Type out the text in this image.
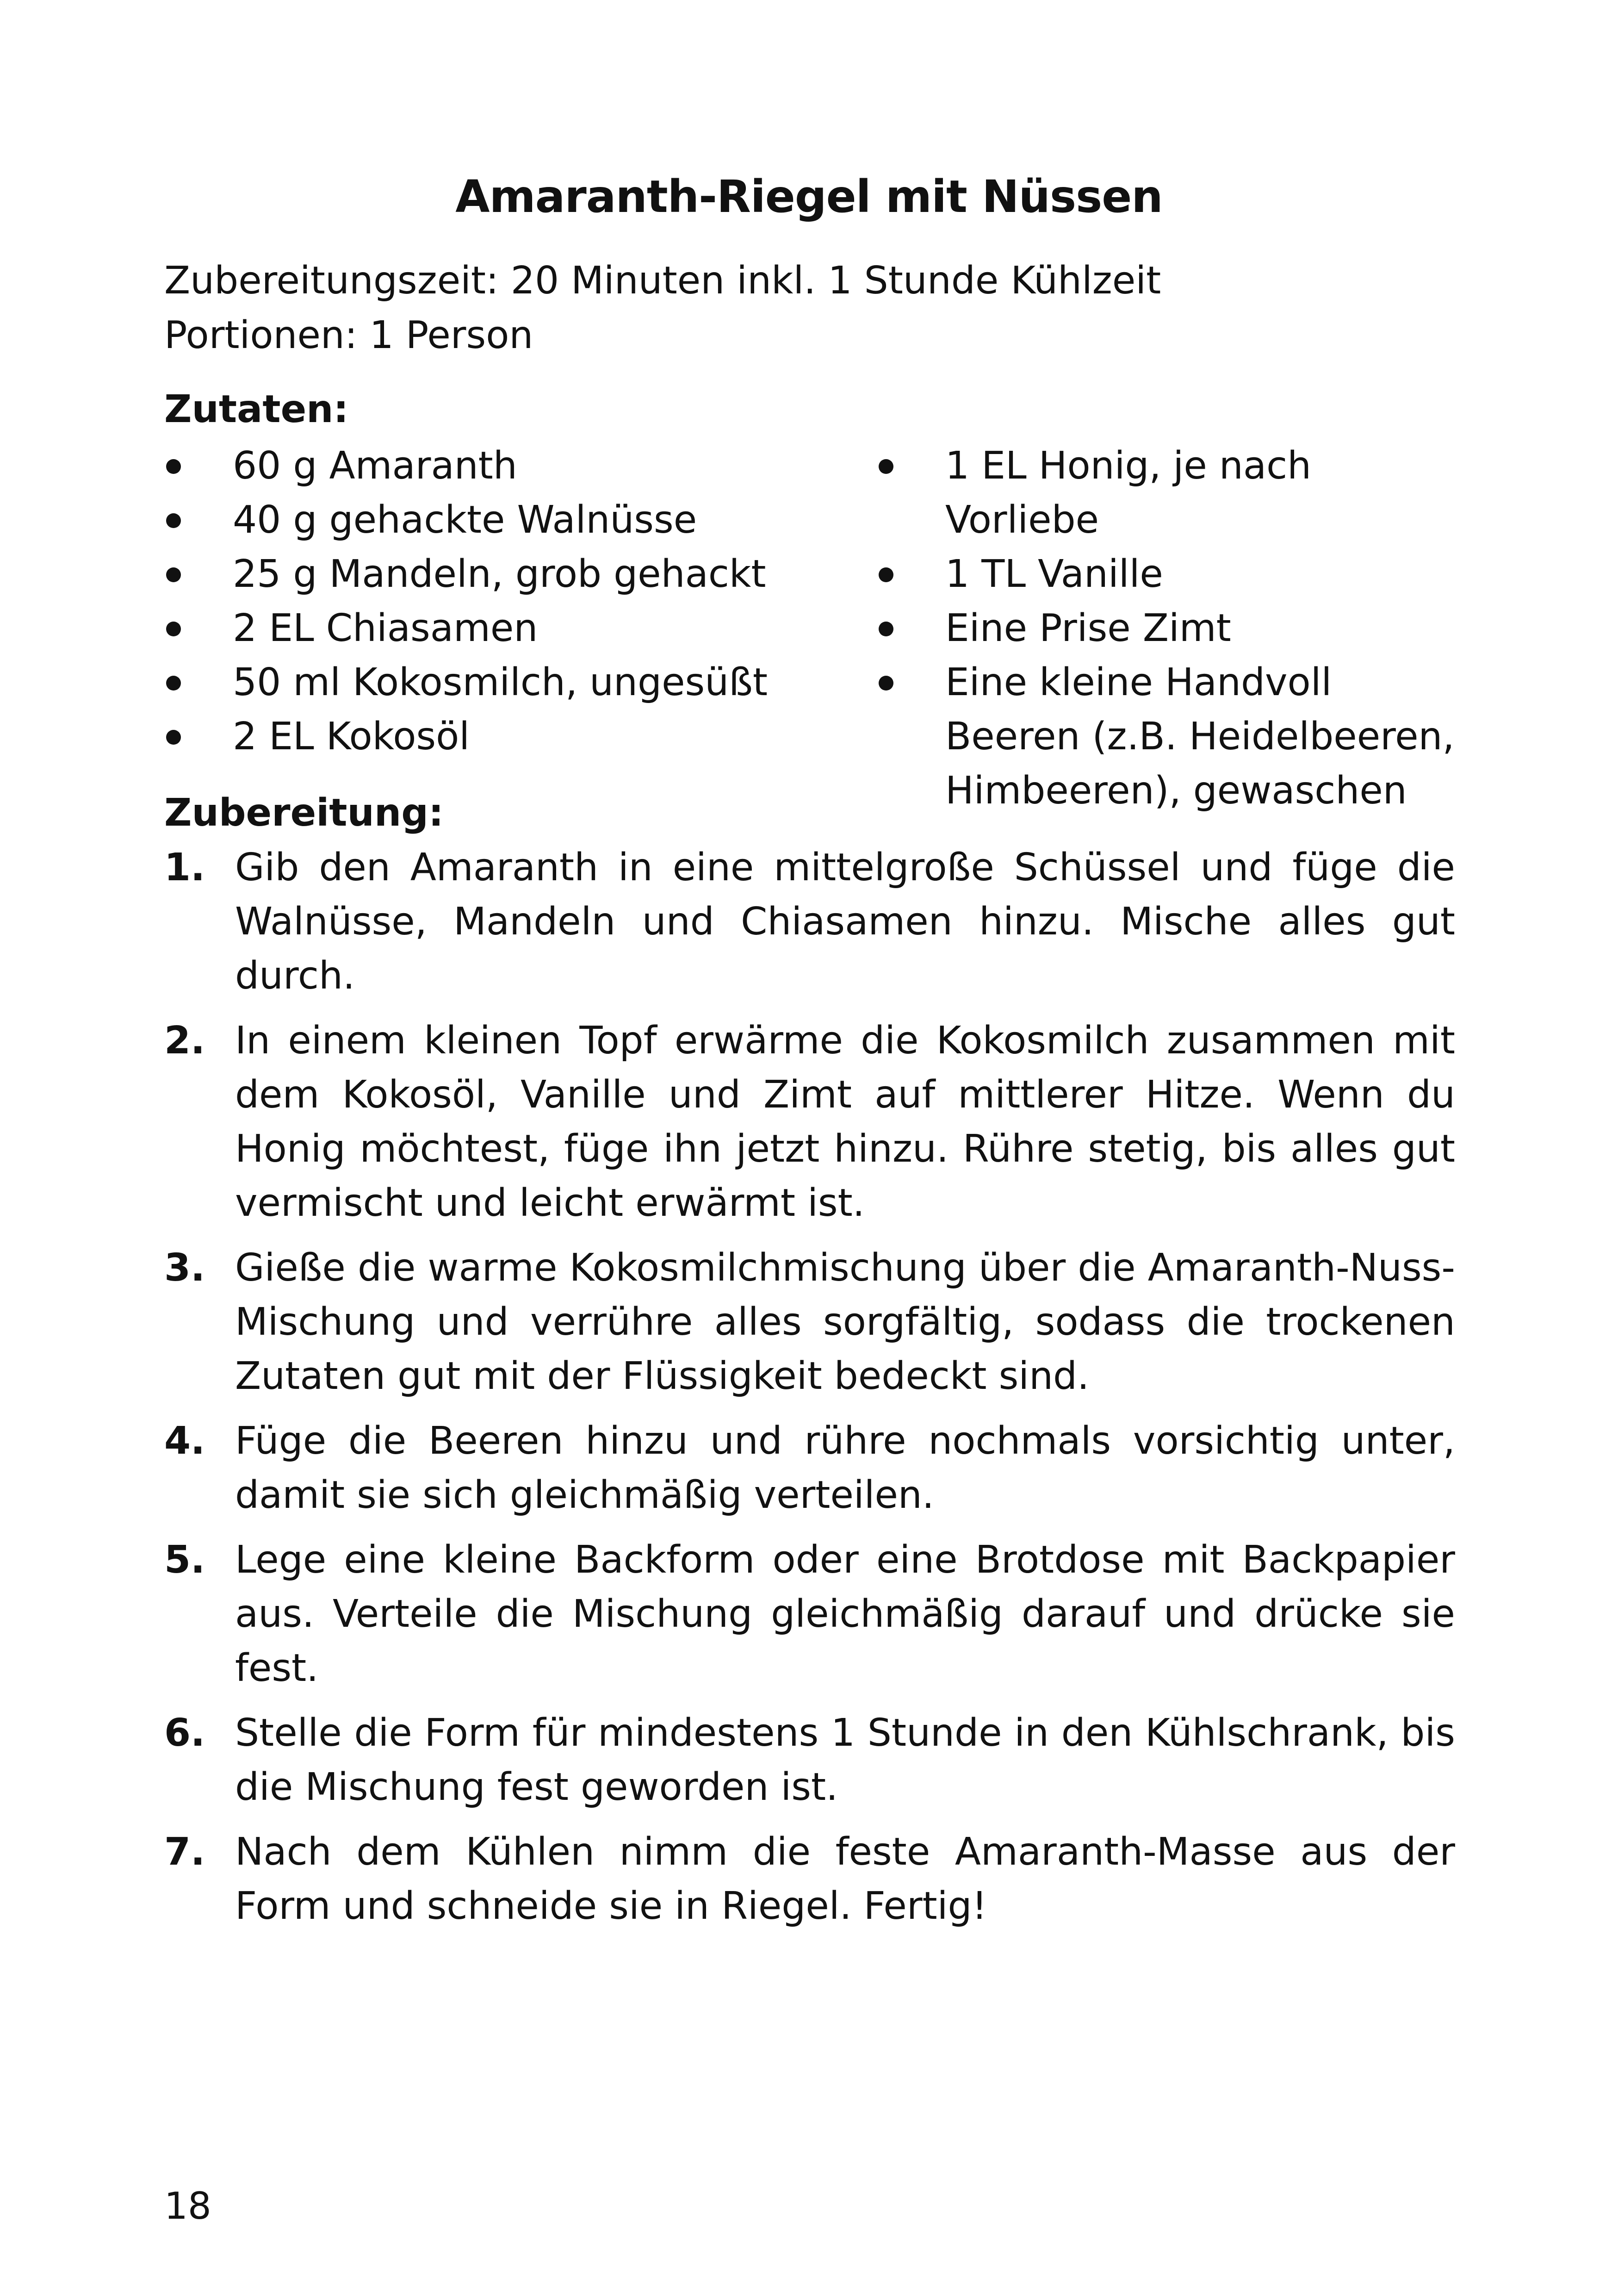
Amaranth-Riegel mit Nüssen
Zubereitungszeit: 20 Minuten inkl. 1 Stunde Kühlzeit
Portionen: 1 Person
Zutaten:
60 g Amaranth
40 g gehackte Walnüsse
25 g Mandeln, grob gehackt
2 EL Chiasamen
50 ml Kokosmilch, ungesüßt
2 EL Kokosöl
1 EL Honig, je nach Vorliebe
1 TL Vanille
Eine Prise Zimt
Eine kleine Handvoll Beeren (z.B. Heidelbeeren, Himbeeren), gewaschen
Zubereitung:
1. Gib den Amaranth in eine mittelgroße Schüssel und füge die Walnüsse, Mandeln und Chiasamen hinzu. Mische alles gut durch.
2. In einem kleinen Topf erwärme die Kokosmilch zusammen mit dem Kokosöl, Vanille und Zimt auf mittlerer Hitze. Wenn du Honig möchtest, füge ihn jetzt hinzu. Rühre stetig, bis alles gut vermischt und leicht erwärmt ist.
3. Gieße die warme Kokosmilchmischung über die Amaranth-Nuss-Mischung und verrühre alles sorgfältig, sodass die trockenen Zutaten gut mit der Flüssigkeit bedeckt sind.
4. Füge die Beeren hinzu und rühre nochmals vorsichtig unter, damit sie sich gleichmäßig verteilen.
5. Lege eine kleine Backform oder eine Brotdose mit Backpapier aus. Verteile die Mischung gleichmäßig darauf und drücke sie fest.
6. Stelle die Form für mindestens 1 Stunde in den Kühlschrank, bis die Mischung fest geworden ist.
7. Nach dem Kühlen nimm die feste Amaranth-Masse aus der Form und schneide sie in Riegel. Fertig!
18
